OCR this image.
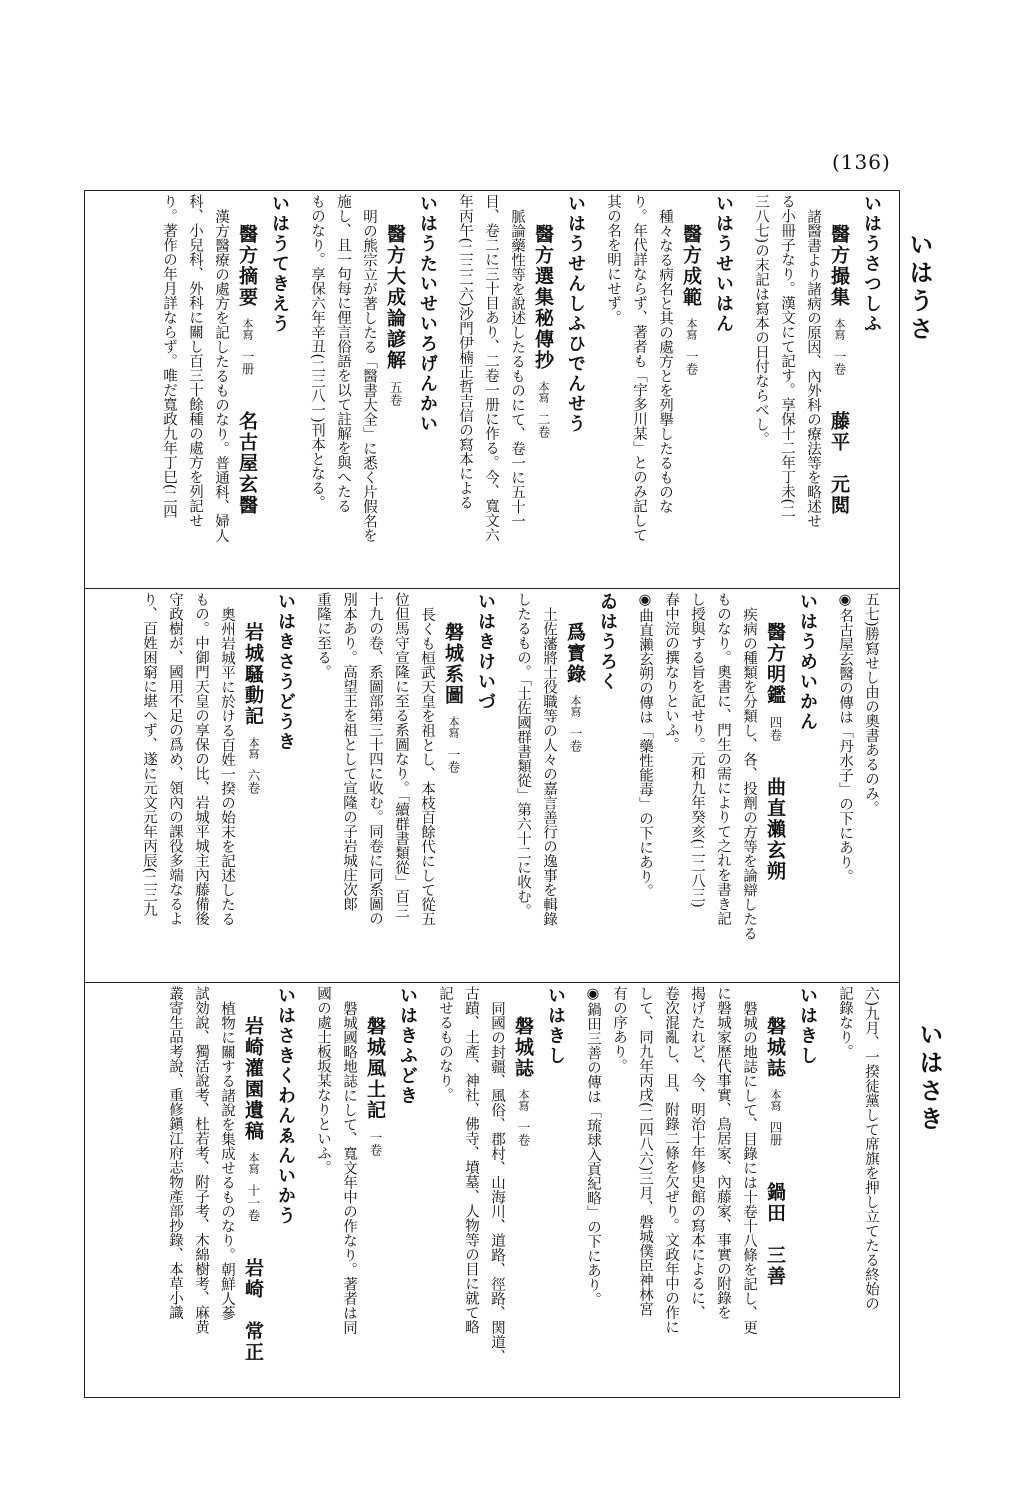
(136)
いはうさ
いはさき
いはうさつしふ
醫方撮集本寫一卷藤平　元閲
諸醫書より諸病の原因、內外科の療法等を略述せ
る小冊子なり。漢文にて記す。享保十二年丁未(二
三八七)の末記は寫本の日付ならべし。
いはうせいはん
醫方成範本寫一卷
種々なる病名と其の處方とを列擧したるものな
り。年代詳ならず、著者も「宇多川某」とのみ記して
其の名を明にせず。
いはうせんしふひでんせう
醫方選集秘傳抄本寫二卷
脈論藥性等を說述したるものにて、卷一に五十一
目、卷二に三十目あり、二卷一册に作る。今、寬文六
年丙午(二三二六)沙門伊楠正哲吉信の寫本による
いはうたいせいろげんかい
醫方大成論諺解五卷
明の熊宗立が著したる「醫書大全」に悉く片假名を
施し、且一句每に俚言俗語を以て註解を與へたる
ものなり。享保六年辛丑(二三八一)刊本となる。
いはうてきえう
醫方摘要本寫一册名古屋玄醫
漢方醫療の處方を記したるものなり。普通科、婦人
科、小兒科、外科に關し百三十餘種の處方を列記せ
り。著作の年月詳ならず。唯だ寬政九年丁巳(二四
五七)勝寫せし由の奧書あるのみ。
◉名古屋玄醫の傳は「丹水子」の下にあり。
いはうめいかん
醫方明鑑四卷曲直瀨玄朔
疾病の種類を分類し、各、投劑の方等を論辯したる
ものなり。奧書に、門生の需によりて之れを書き記
し授與する旨を記せり。元和九年癸亥(二二八三)
春中浣の撰なりといふ。
◉曲直瀨玄朔の傳は「藥性能毒」の下にあり。
ゐはうろく
爲寳錄本寫一卷
土佐藩將士役職等の人々の嘉言善行の逸事を輯錄
したるもの。「土佐國群書類從」第六十二に收む。
いはきけいづ
磐城系圖本寫一卷
長くも桓武天皇を祖とし、本枝百餘代にして從五
位但馬守宣隆に至る系圖なり。「續群書類從」百三
十九の卷、系圖部第三十四に收む。同卷に同系圖の
別本あり。高望王を祖として宣隆の子岩城庄次郞
重隆に至る。
いはきさうどうき
岩城騷動記本寫六卷
奧州岩城平に於ける百姓一揆の始末を記述したる
もの。中御門天皇の享保の比、岩城平城主內藤備後
守政樹が、國用不足の爲め、領內の課役多端なるよ
り、百姓困窮に堪へず、遂に元文元年丙辰(二三九
六)九月、一揆徒黨して席旗を押し立てたる終始の
記錄なり。
いはきし
磐城誌本寫四册鍋田　三善
磐城の地誌にして、目錄には十卷十八條を記し、更
に磐城家歷代事實、鳥居家、內藤家、事實の附錄を
揭げたれど、今、明治十年修史館の寫本によるに、
卷次混亂し、且、附錄二條を欠ぜり。文政年中の作に
して、同九年丙戌(二四八六)三月、磐城僕臣神林宮
有の序あり。
◉鍋田三善の傳は「琉球入貢紀略」の下にあり。
いはきし
磐城誌本寫一卷
同國の封疆、風俗、郡村、山海川、道路、徑路、関道、
古蹟、土產、神社、佛寺、墳墓、人物等の目に就て略
記せるものなり。
いはきふどき
磐城風土記一卷
磐城國略地誌にして、寬文年中の作なり。著者は同
國の處士板坂某なりといふ。
いはさきくわんゑんいかう
岩崎灌園遺稿本寫十一卷岩崎　常正
植物に關する諸說を集成せるものなり。朝鮮人蔘
試効說、獨活說考、杜若考、附子考、木綿樹考、麻黄
叢寄生品考說、重修鎭江府志物產部抄錄、本草小識
